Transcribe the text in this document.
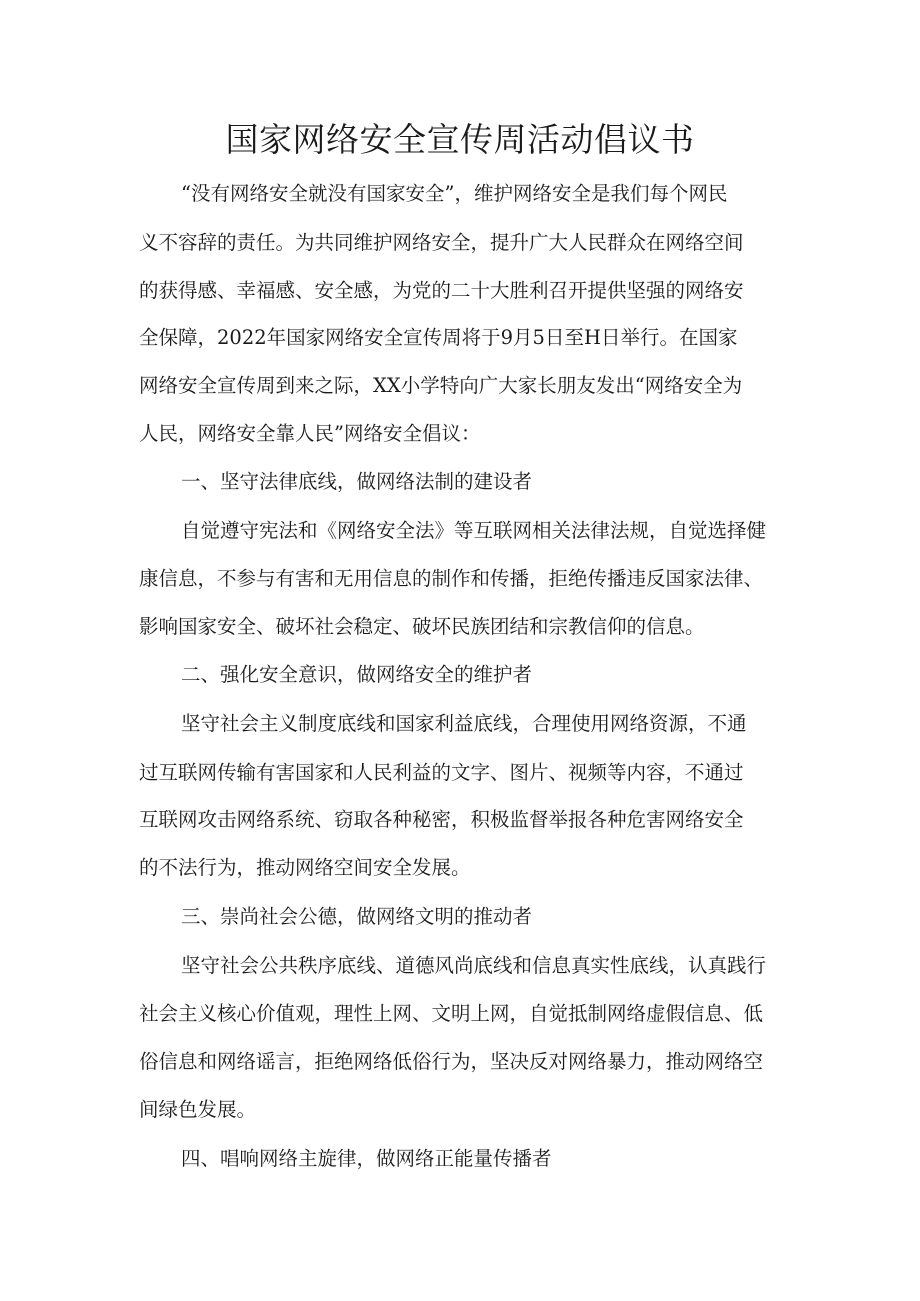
国家网络安全宣传周活动倡议书

“没有网络安全就没有国家安全”，维护网络安全是我们每个网民

义不容辞的责任。为共同维护网络安全，提升广大人民群众在网络空间

的获得感、幸福感、安全感，为党的二十大胜利召开提供坚强的网络安

全保障，2022年国家网络安全宣传周将于9月5日至H日举行。在国家

网络安全宣传周到来之际，XX小学特向广大家长朋友发出“网络安全为

人民，网络安全靠人民”网络安全倡议：

一、坚守法律底线，做网络法制的建设者

自觉遵守宪法和《网络安全法》等互联网相关法律法规，自觉选择健

康信息，不参与有害和无用信息的制作和传播，拒绝传播违反国家法律、

影响国家安全、破坏社会稳定、破坏民族团结和宗教信仰的信息。

二、强化安全意识，做网络安全的维护者

坚守社会主义制度底线和国家利益底线，合理使用网络资源，不通

过互联网传输有害国家和人民利益的文字、图片、视频等内容，不通过

互联网攻击网络系统、窃取各种秘密，积极监督举报各种危害网络安全

的不法行为，推动网络空间安全发展。

三、崇尚社会公德，做网络文明的推动者

坚守社会公共秩序底线、道德风尚底线和信息真实性底线，认真践行

社会主义核心价值观，理性上网、文明上网，自觉抵制网络虚假信息、低

俗信息和网络谣言，拒绝网络低俗行为，坚决反对网络暴力，推动网络空

间绿色发展。

四、唱响网络主旋律，做网络正能量传播者
